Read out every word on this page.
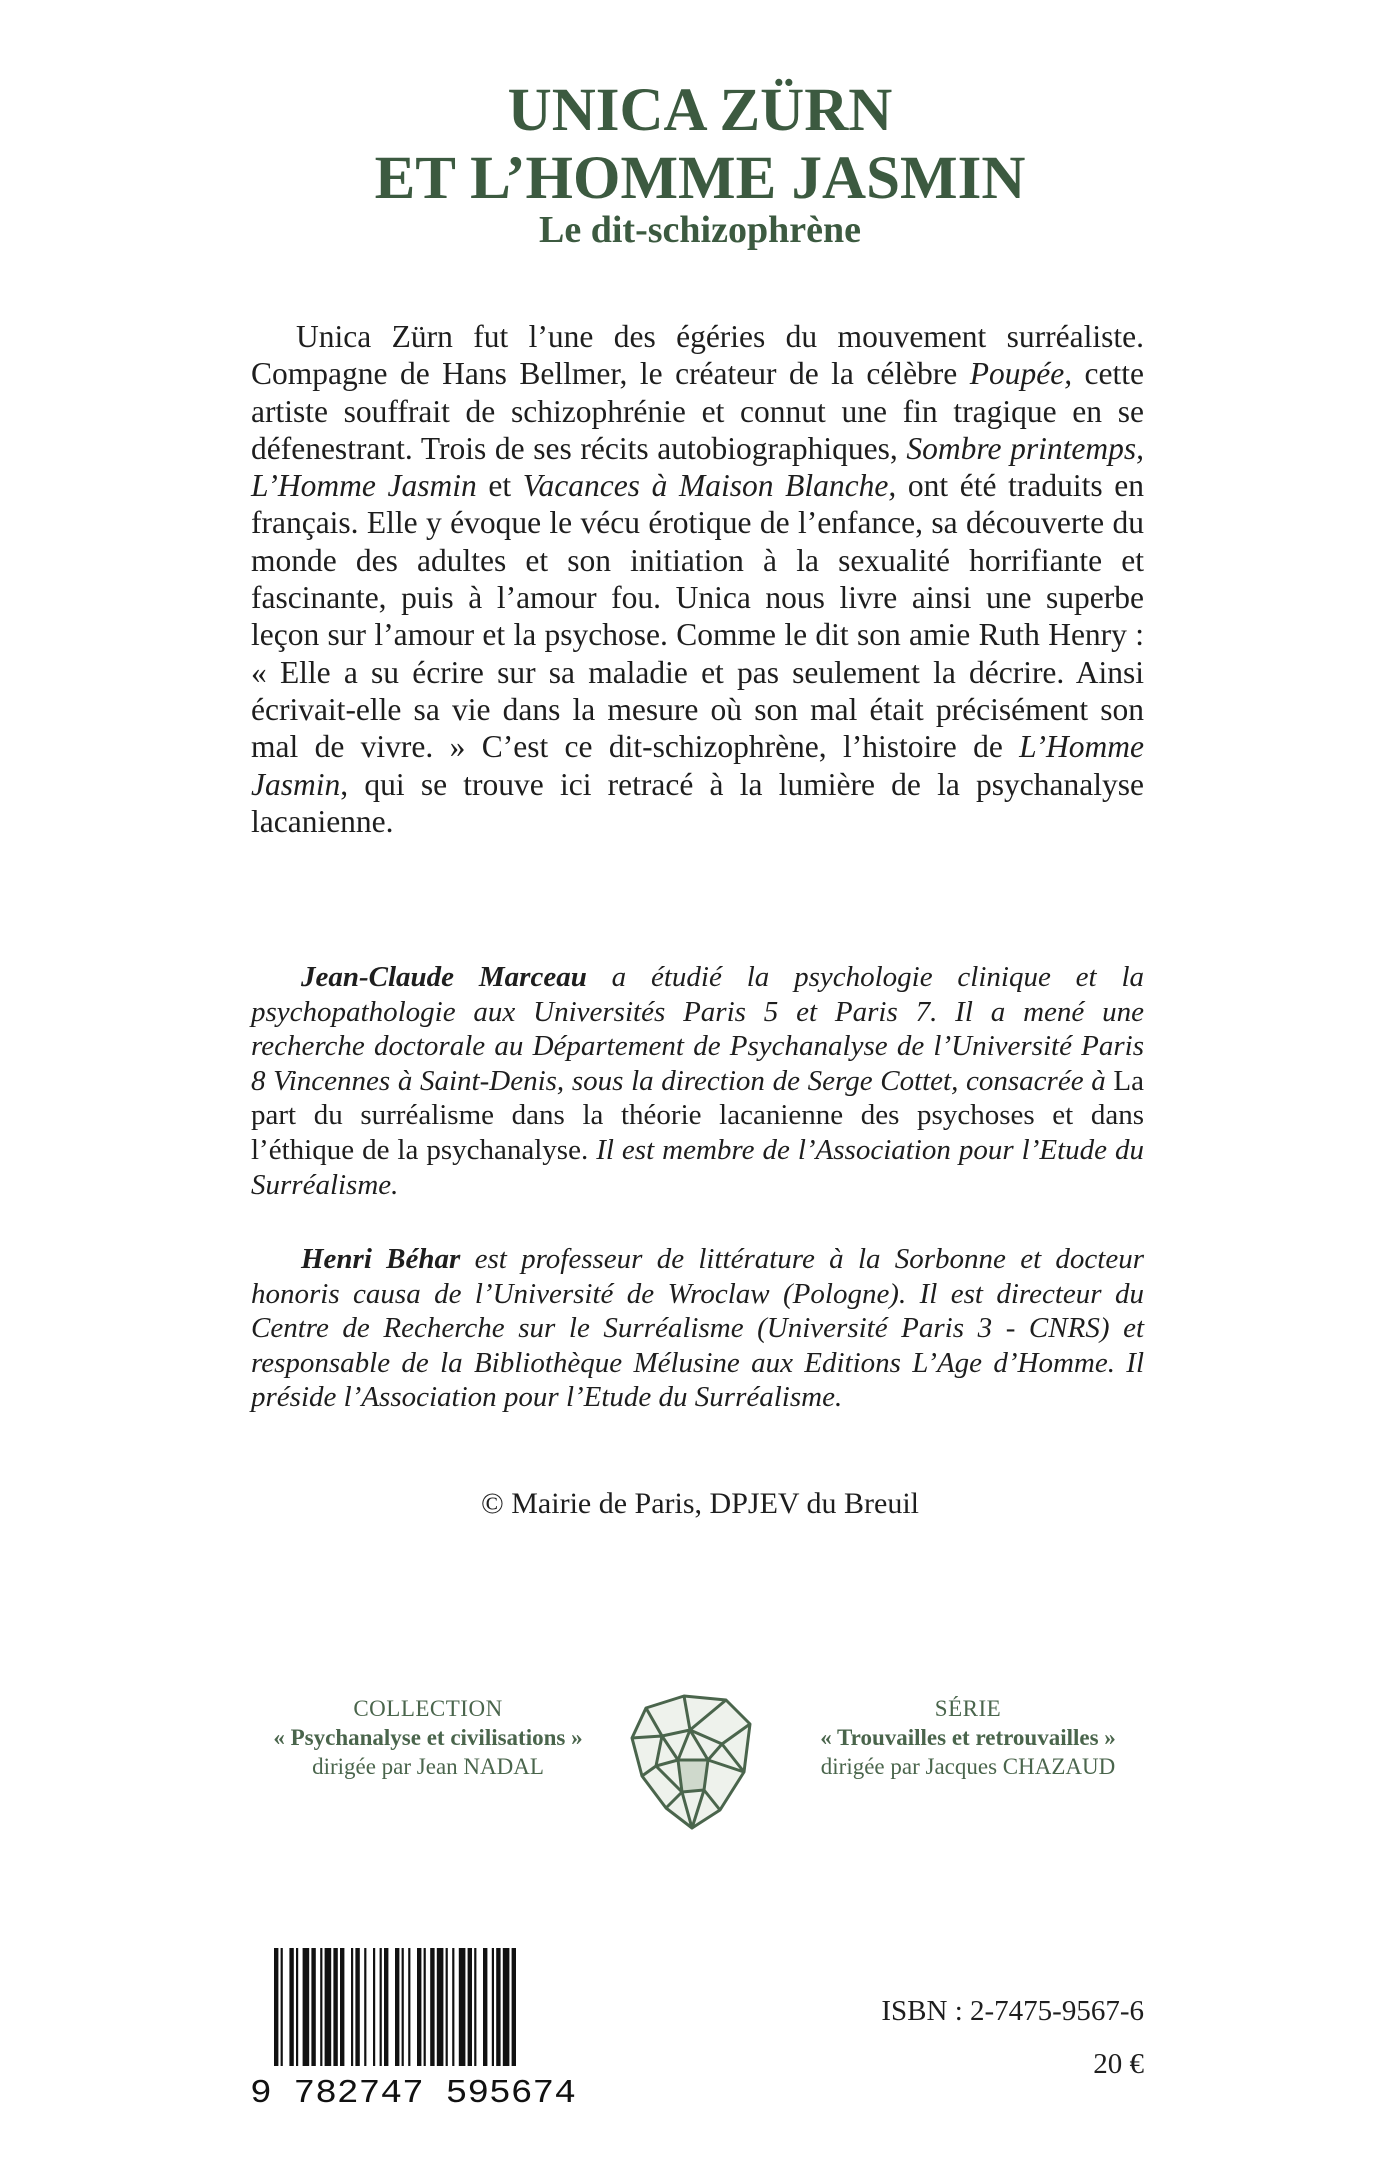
UNICA ZÜRN
ET L’HOMME JASMIN
Le dit-schizophrène

Unica Zürn fut l’une des égéries du mouvement surréaliste. Compagne de Hans Bellmer, le créateur de la célèbre Poupée, cette artiste souffrait de schizophrénie et connut une fin tragique en se défenestrant. Trois de ses récits autobiographiques, Sombre printemps, L’Homme Jasmin et Vacances à Maison Blanche, ont été traduits en français. Elle y évoque le vécu érotique de l’enfance, sa découverte du monde des adultes et son initiation à la sexualité horrifiante et fascinante, puis à l’amour fou. Unica nous livre ainsi une superbe leçon sur l’amour et la psychose. Comme le dit son amie Ruth Henry : « Elle a su écrire sur sa maladie et pas seulement la décrire. Ainsi écrivait-elle sa vie dans la mesure où son mal était précisément son mal de vivre. » C’est ce dit-schizophrène, l’histoire de L’Homme Jasmin, qui se trouve ici retracé à la lumière de la psychanalyse lacanienne.

Jean-Claude Marceau a étudié la psychologie clinique et la psychopathologie aux Universités Paris 5 et Paris 7. Il a mené une recherche doctorale au Département de Psychanalyse de l’Université Paris 8 Vincennes à Saint-Denis, sous la direction de Serge Cottet, consacrée à La part du surréalisme dans la théorie lacanienne des psychoses et dans l’éthique de la psychanalyse. Il est membre de l’Association pour l’Etude du Surréalisme.

Henri Béhar est professeur de littérature à la Sorbonne et docteur honoris causa de l’Université de Wroclaw (Pologne). Il est directeur du Centre de Recherche sur le Surréalisme (Université Paris 3 - CNRS) et responsable de la Bibliothèque Mélusine aux Editions L’Age d’Homme. Il préside l’Association pour l’Etude du Surréalisme.

© Mairie de Paris, DPJEV du Breuil

COLLECTION
« Psychanalyse et civilisations »
dirigée par Jean NADAL
SÉRIE
« Trouvailles et retrouvailles »
dirigée par Jacques CHAZAUD
9 782747 595674

ISBN : 2-7475-9567-6

20 €
